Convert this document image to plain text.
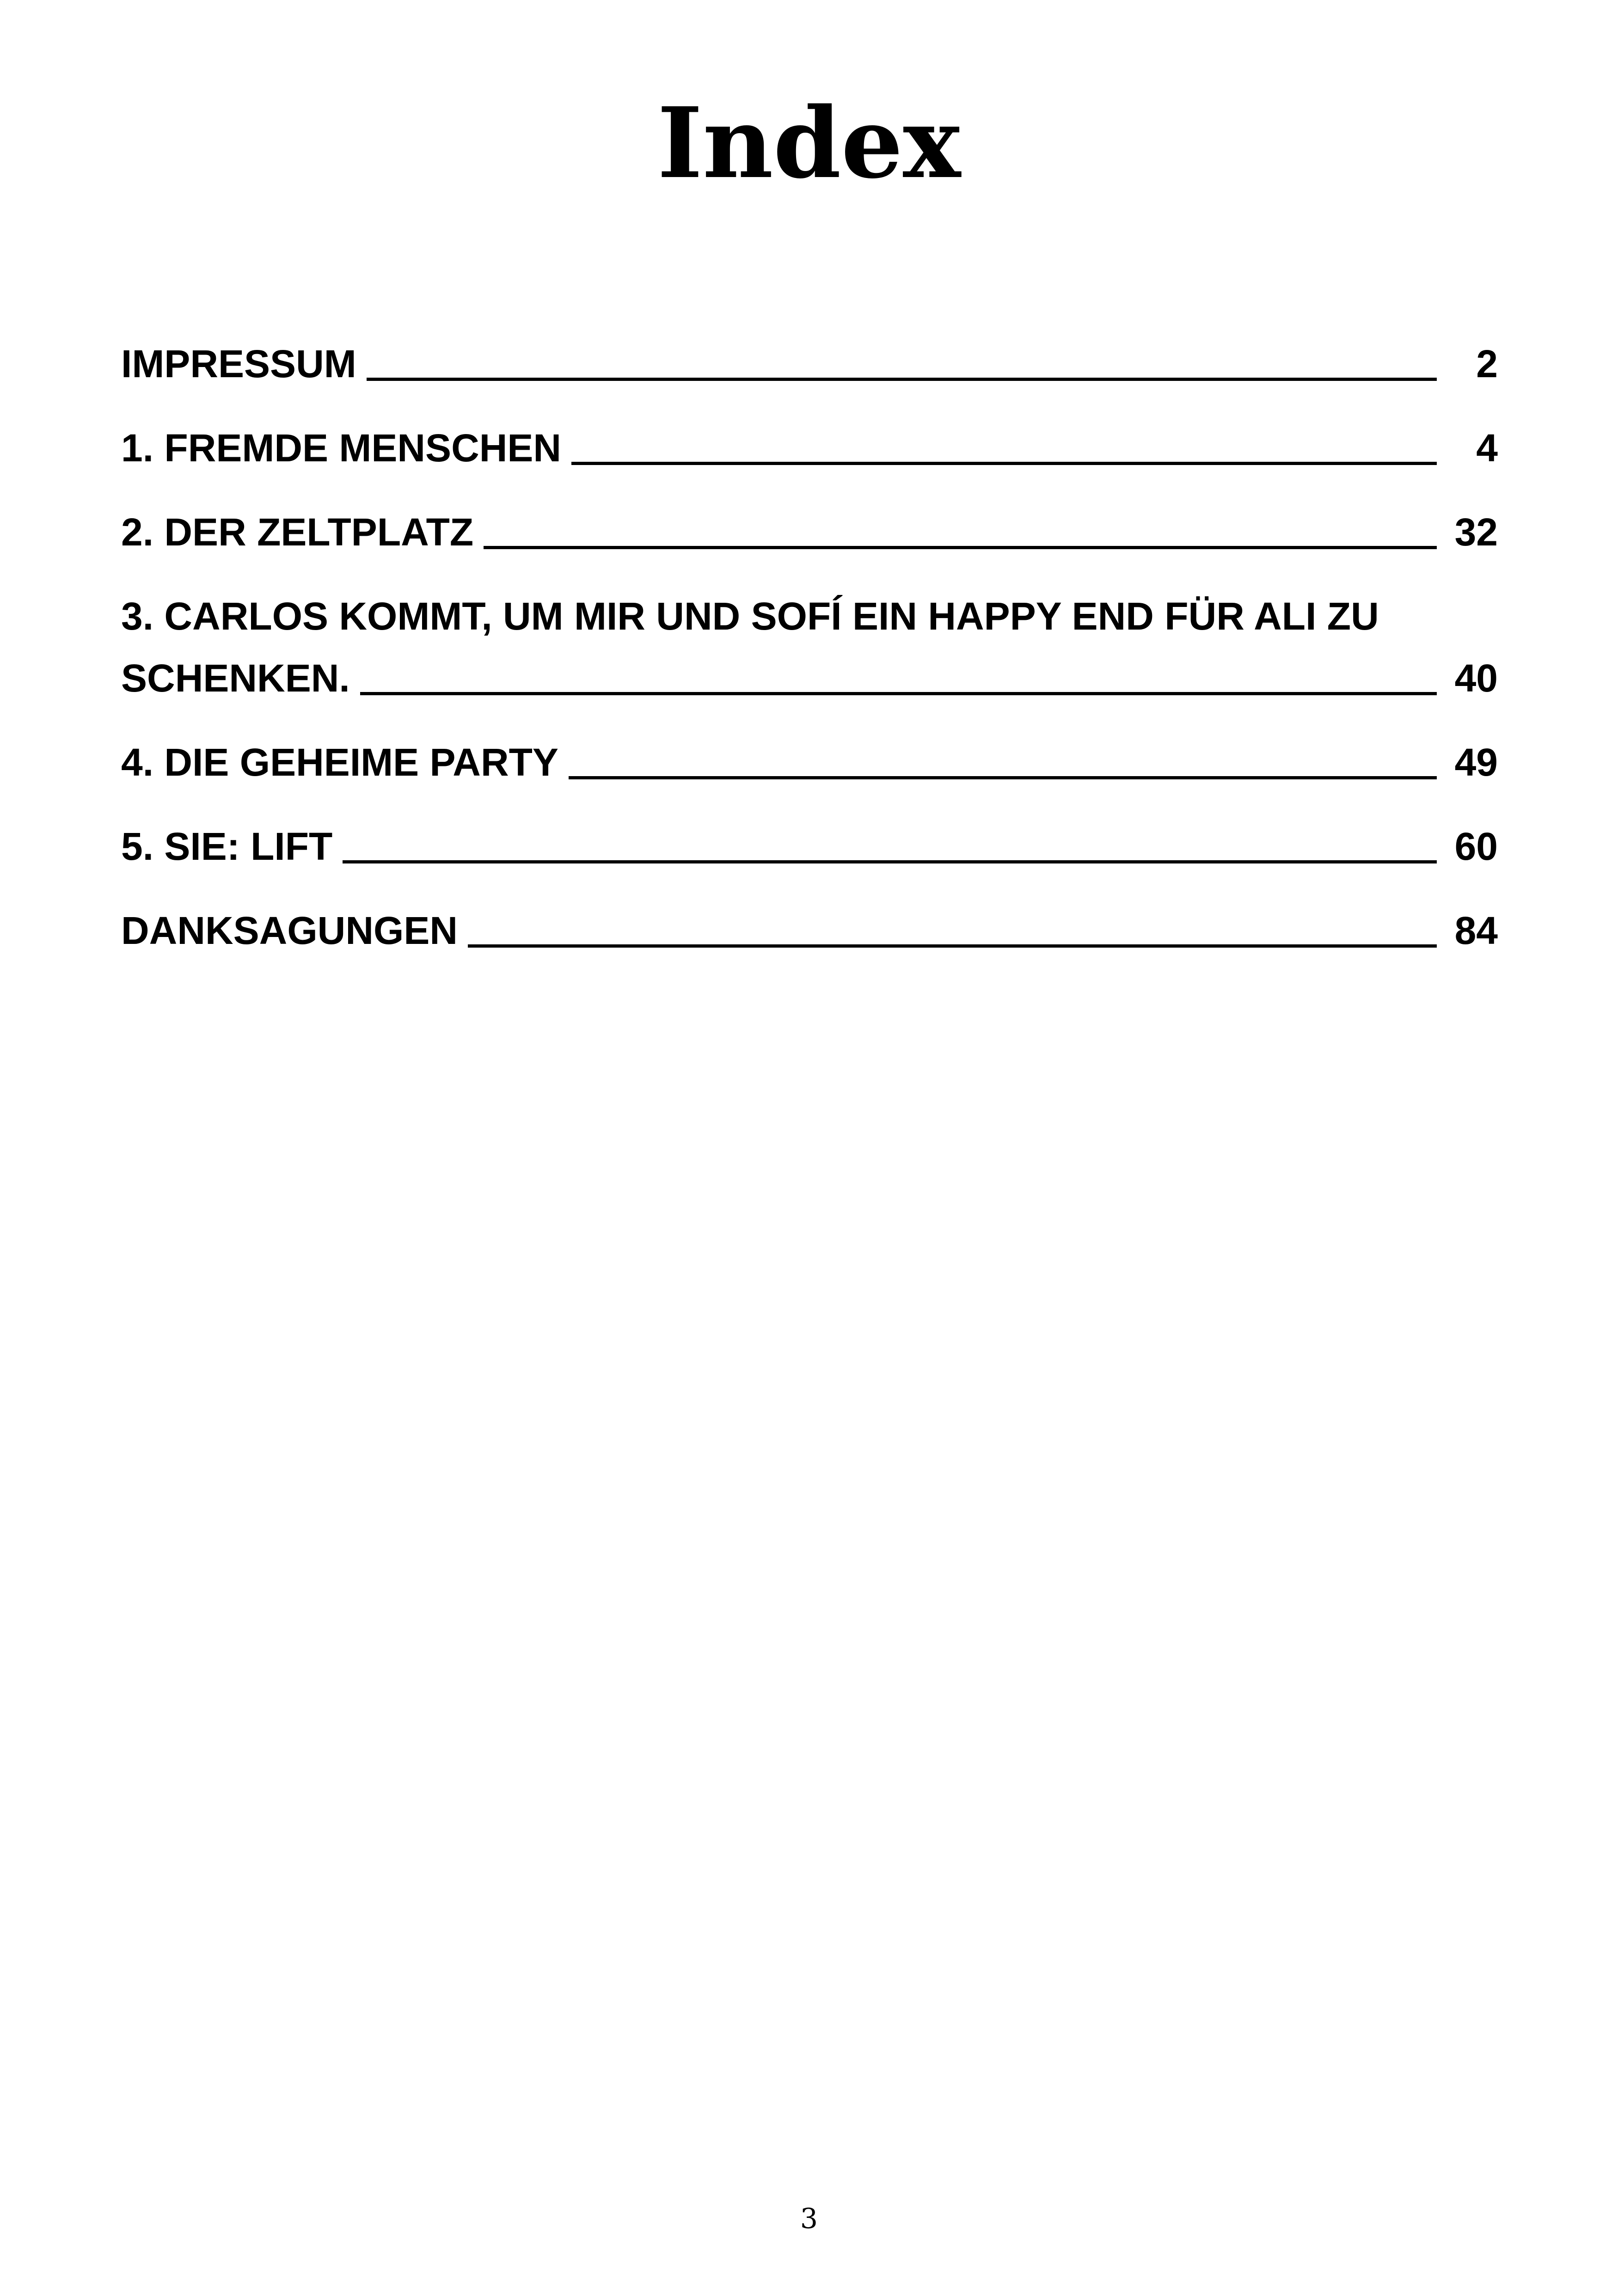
Index
IMPRESSUM	2
1. FREMDE MENSCHEN	4
2. DER ZELTPLATZ	32
3. CARLOS KOMMT, UM MIR UND SOFÍ EIN HAPPY END FÜR ALI ZU
SCHENKEN.	40
4. DIE GEHEIME PARTY	49
5. SIE: LIFT	60
DANKSAGUNGEN	84
3
